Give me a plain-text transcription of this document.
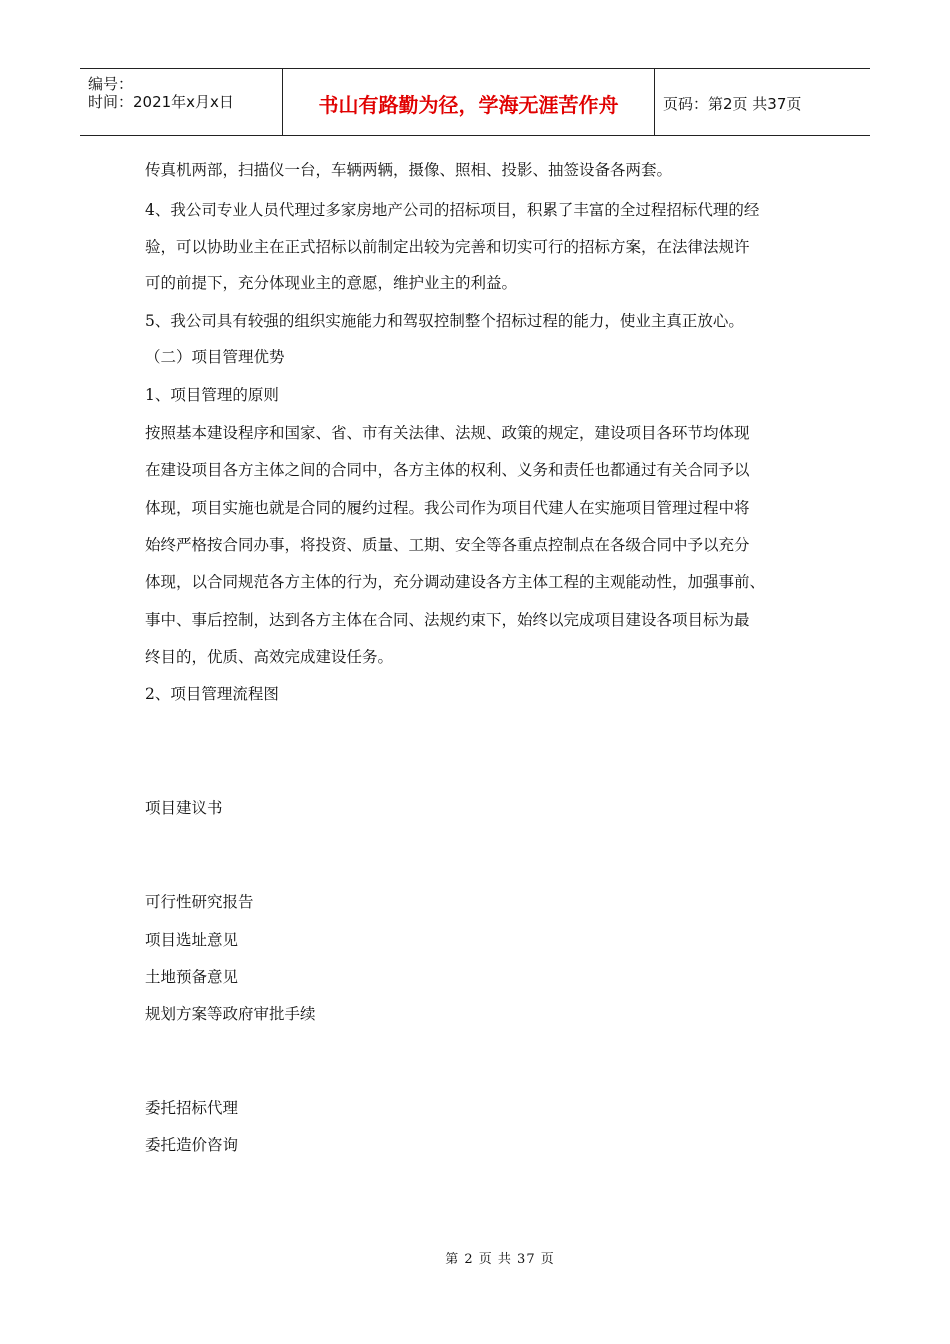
编号：
时间：2021年x月x日	书山有路勤为径，学海无涯苦作舟	页码：第2页 共37页
传真机两部，扫描仪一台，车辆两辆，摄像、照相、投影、抽签设备各两套。
4、我公司专业人员代理过多家房地产公司的招标项目，积累了丰富的全过程招标代理的经
验，可以协助业主在正式招标以前制定出较为完善和切实可行的招标方案，在法律法规许
可的前提下，充分体现业主的意愿，维护业主的利益。
5、我公司具有较强的组织实施能力和驾驭控制整个招标过程的能力，使业主真正放心。
（二）项目管理优势
1、项目管理的原则
按照基本建设程序和国家、省、市有关法律、法规、政策的规定，建设项目各环节均体现
在建设项目各方主体之间的合同中，各方主体的权利、义务和责任也都通过有关合同予以
体现，项目实施也就是合同的履约过程。我公司作为项目代建人在实施项目管理过程中将
始终严格按合同办事，将投资、质量、工期、安全等各重点控制点在各级合同中予以充分
体现，以合同规范各方主体的行为，充分调动建设各方主体工程的主观能动性，加强事前、
事中、事后控制，达到各方主体在合同、法规约束下，始终以完成项目建设各项目标为最
终目的，优质、高效完成建设任务。
2、项目管理流程图
项目建议书
可行性研究报告
项目选址意见
土地预备意见
规划方案等政府审批手续
委托招标代理
委托造价咨询
第 2 页 共 37 页
